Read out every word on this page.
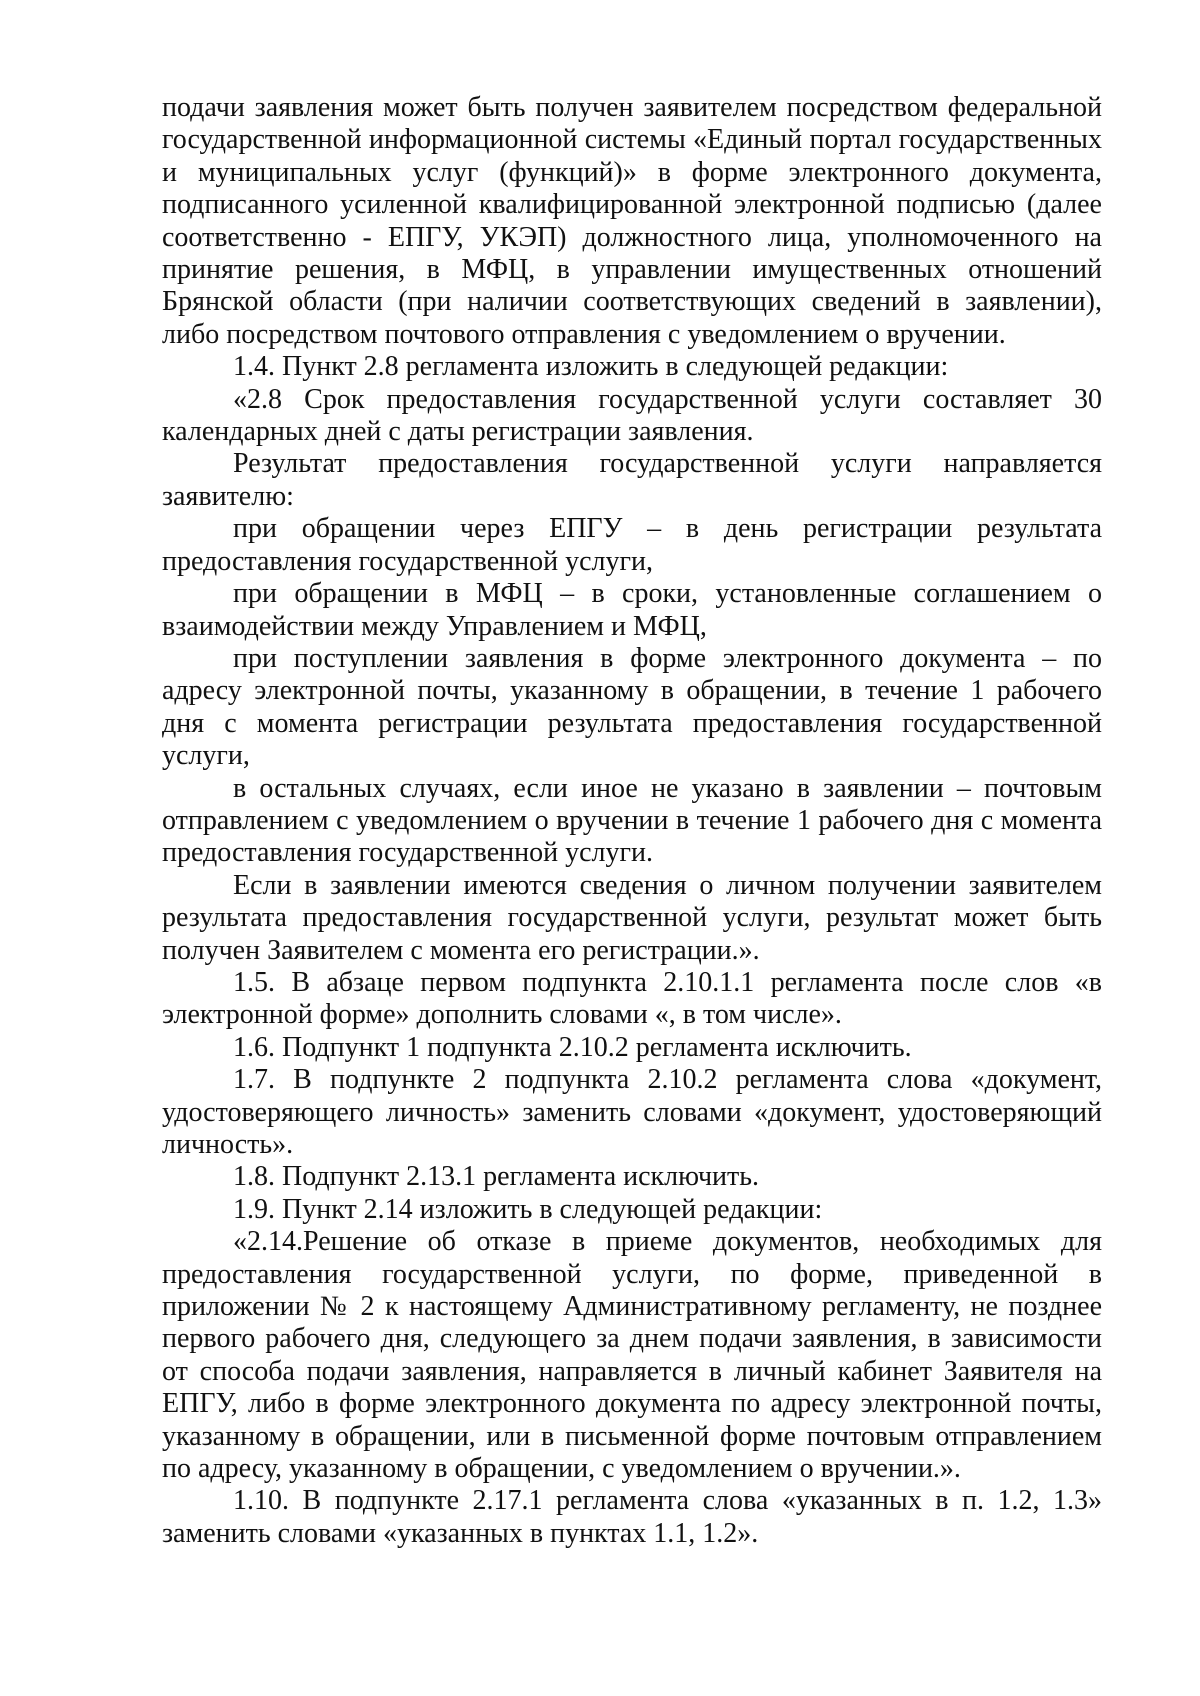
подачи заявления может быть получен заявителем посредством федеральной государственной информационной системы «Единый портал государственных и муниципальных услуг (функций)» в форме электронного документа, подписанного усиленной квалифицированной электронной подписью (далее соответственно - ЕПГУ, УКЭП) должностного лица, уполномоченного на принятие решения, в МФЦ, в управлении имущественных отношений Брянской области (при наличии соответствующих сведений в заявлении), либо посредством почтового отправления с уведомлением о вручении.

1.4. Пункт 2.8 регламента изложить в следующей редакции:

«2.8 Срок предоставления государственной услуги составляет 30 календарных дней с даты регистрации заявления.

Результат предоставления государственной услуги направляется заявителю:

при обращении через ЕПГУ – в день регистрации результата предоставления государственной услуги,

при обращении в МФЦ – в сроки, установленные соглашением о взаимодействии между Управлением и МФЦ,

при поступлении заявления в форме электронного документа – по адресу электронной почты, указанному в обращении, в течение 1 рабочего дня с момента регистрации результата предоставления государственной услуги,

в остальных случаях, если иное не указано в заявлении – почтовым отправлением с уведомлением о вручении в течение 1 рабочего дня с момента предоставления государственной услуги.

Если в заявлении имеются сведения о личном получении заявителем результата предоставления государственной услуги, результат может быть получен Заявителем с момента его регистрации.».

1.5. В абзаце первом подпункта 2.10.1.1 регламента после слов «в электронной форме» дополнить словами «, в том числе».

1.6. Подпункт 1 подпункта 2.10.2 регламента исключить.

1.7. В подпункте 2 подпункта 2.10.2 регламента слова «документ, удостоверяющего личность» заменить словами «документ, удостоверяющий личность».

1.8. Подпункт 2.13.1 регламента исключить.

1.9. Пункт 2.14 изложить в следующей редакции:

«2.14.Решение об отказе в приеме документов, необходимых для предоставления государственной услуги, по форме, приведенной в приложении № 2 к настоящему Административному регламенту, не позднее первого рабочего дня, следующего за днем подачи заявления, в зависимости от способа подачи заявления, направляется в личный кабинет Заявителя на ЕПГУ, либо в форме электронного документа по адресу электронной почты, указанному в обращении, или в письменной форме почтовым отправлением по адресу, указанному в обращении, с уведомлением о вручении.».

1.10. В подпункте 2.17.1 регламента слова «указанных в п. 1.2, 1.3» заменить словами «указанных в пунктах 1.1, 1.2».
